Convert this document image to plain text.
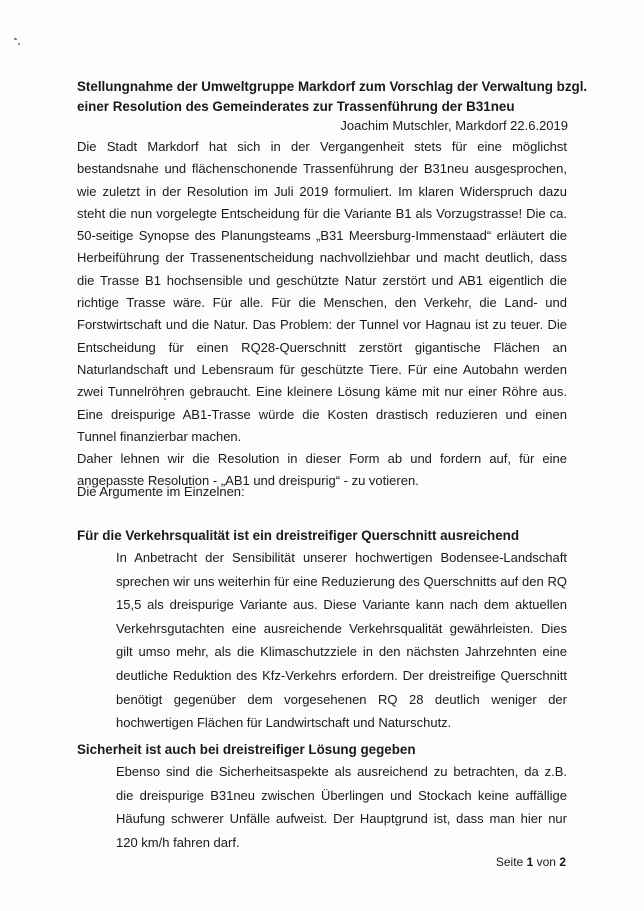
Stellungnahme der Umweltgruppe Markdorf zum Vorschlag der Verwaltung bzgl.
einer Resolution des Gemeinderates zur Trassenführung der B31neu
Joachim Mutschler, Markdorf 22.6.2019

Die Stadt Markdorf hat sich in der Vergangenheit stets für eine möglichst bestandsnahe und flächenschonende Trassenführung der B31neu ausgesprochen, wie zuletzt in der Resolution im Juli 2019 formuliert. Im klaren Widerspruch dazu steht die nun vorgelegte Entscheidung für die Variante B1 als Vorzugstrasse! Die ca. 50-seitige Synopse des Planungsteams „B31 Meersburg-Immenstaad“ erläutert die Herbeiführung der Trassenentscheidung nachvollziehbar und macht deutlich, dass die Trasse B1 hochsensible und geschützte Natur zerstört und AB1 eigentlich die richtige Trasse wäre. Für alle. Für die Menschen, den Verkehr, die Land- und Forstwirtschaft und die Natur. Das Problem: der Tunnel vor Hagnau ist zu teuer. Die Entscheidung für einen RQ28-Querschnitt zerstört gigantische Flächen an Naturlandschaft und Lebensraum für geschützte Tiere. Für eine Autobahn werden zwei Tunnelröhren gebraucht. Eine kleinere Lösung käme mit nur einer Röhre aus. Eine dreispurige AB1-Trasse würde die Kosten drastisch reduzieren und einen Tunnel finanzierbar machen.

Daher lehnen wir die Resolution in dieser Form ab und fordern auf, für eine angepasste Resolution - „AB1 und dreispurig“ - zu votieren.

Die Argumente im Einzelnen:

Für die Verkehrsqualität ist ein dreistreifiger Querschnitt ausreichend

In Anbetracht der Sensibilität unserer hochwertigen Bodensee-Landschaft sprechen wir uns weiterhin für eine Reduzierung des Querschnitts auf den RQ 15,5 als dreispurige Variante aus. Diese Variante kann nach dem aktuellen Verkehrsgutachten eine ausreichende Verkehrsqualität gewährleisten. Dies gilt umso mehr, als die Klimaschutzziele in den nächsten Jahrzehnten eine deutliche Reduktion des Kfz-Verkehrs erfordern. Der dreistreifige Querschnitt benötigt gegenüber dem vorgesehenen RQ 28 deutlich weniger der hochwertigen Flächen für Landwirtschaft und Naturschutz.

Sicherheit ist auch bei dreistreifiger Lösung gegeben

Ebenso sind die Sicherheitsaspekte als ausreichend zu betrachten, da z.B. die dreispurige B31neu zwischen Überlingen und Stockach keine auffällige Häufung schwerer Unfälle aufweist. Der Hauptgrund ist, dass man hier nur 120 km/h fahren darf.

Seite 1 von 2
